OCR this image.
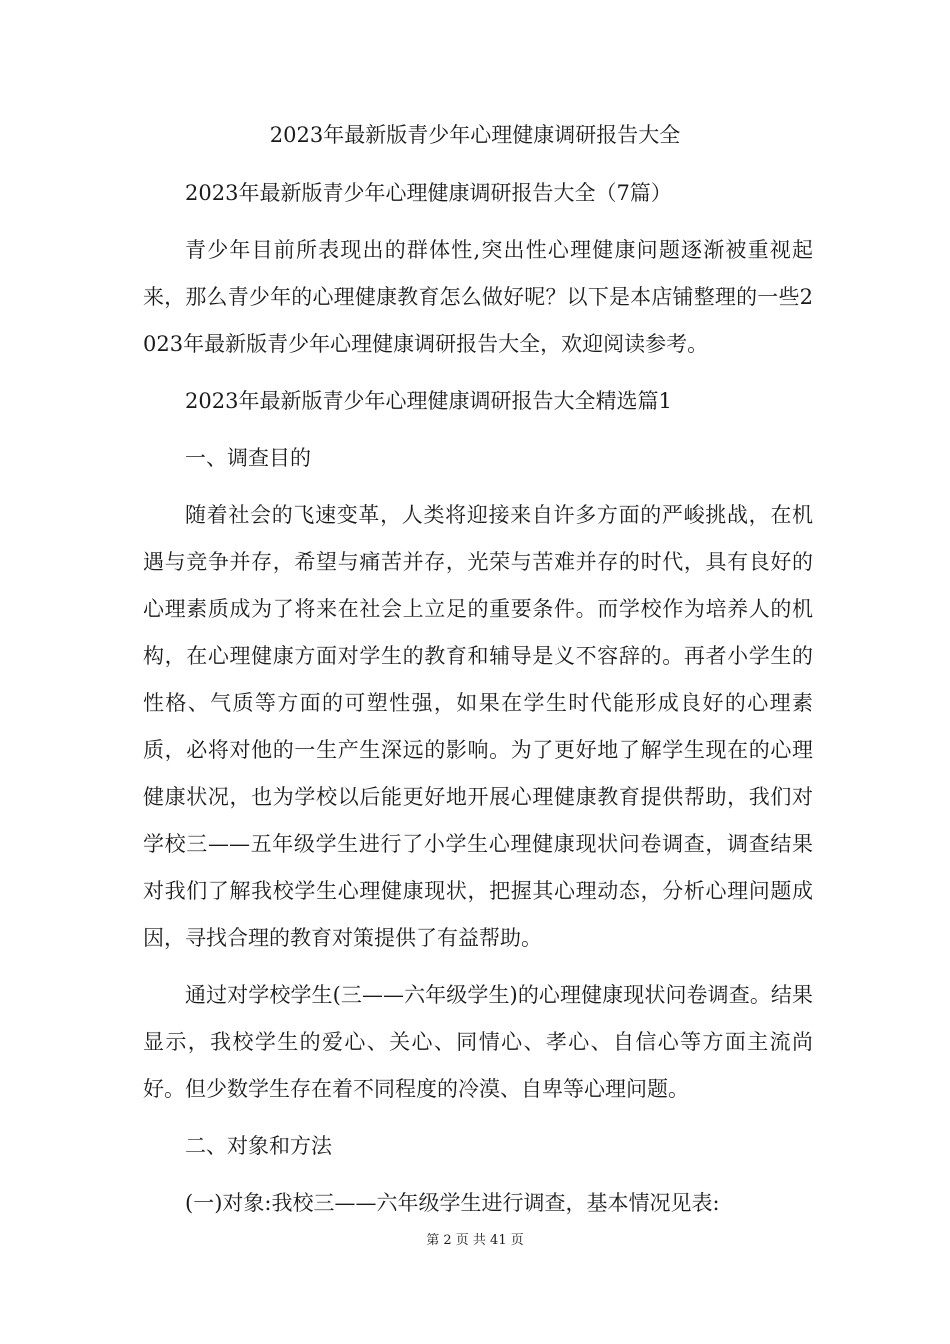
2023年最新版青少年心理健康调研报告大全

2023年最新版青少年心理健康调研报告大全（7篇）

青少年目前所表现出的群体性,突出性心理健康问题逐渐被重视起来，那么青少年的心理健康教育怎么做好呢？以下是本店铺整理的一些2023年最新版青少年心理健康调研报告大全，欢迎阅读参考。

2023年最新版青少年心理健康调研报告大全精选篇1

一、调查目的

随着社会的飞速变革，人类将迎接来自许多方面的严峻挑战，在机遇与竞争并存，希望与痛苦并存，光荣与苦难并存的时代，具有良好的心理素质成为了将来在社会上立足的重要条件。而学校作为培养人的机构，在心理健康方面对学生的教育和辅导是义不容辞的。再者小学生的性格、气质等方面的可塑性强，如果在学生时代能形成良好的心理素质，必将对他的一生产生深远的影响。为了更好地了解学生现在的心理健康状况，也为学校以后能更好地开展心理健康教育提供帮助，我们对学校三——五年级学生进行了小学生心理健康现状问卷调查，调查结果对我们了解我校学生心理健康现状，把握其心理动态，分析心理问题成因，寻找合理的教育对策提供了有益帮助。

通过对学校学生(三——六年级学生)的心理健康现状问卷调查。结果显示，我校学生的爱心、关心、同情心、孝心、自信心等方面主流尚好。但少数学生存在着不同程度的冷漠、自卑等心理问题。

二、对象和方法

(一)对象:我校三——六年级学生进行调查，基本情况见表:

第 2 页 共 41 页
